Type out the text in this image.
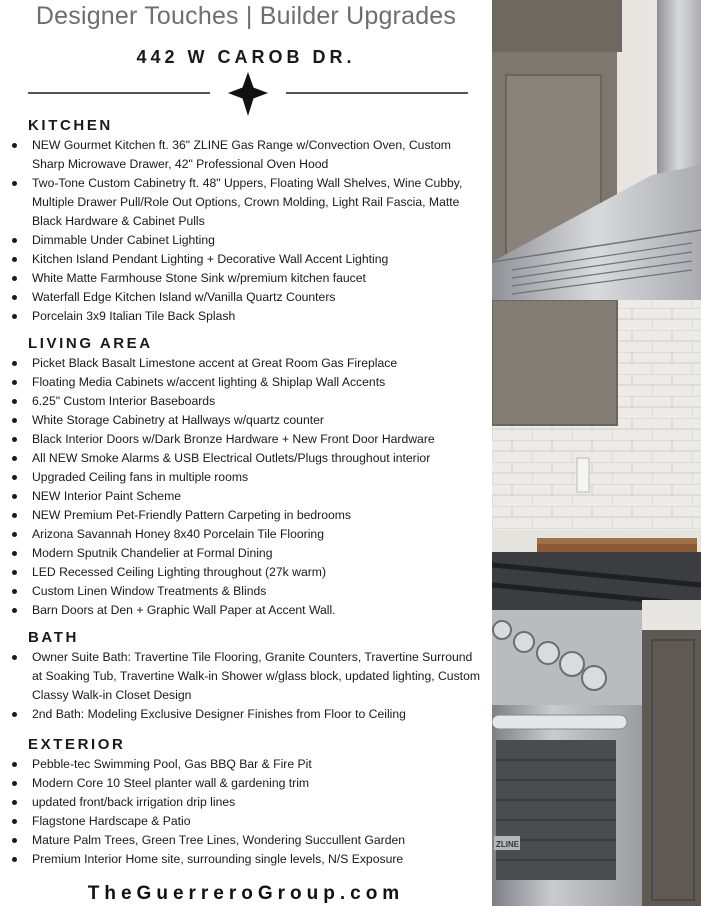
Designer Touches | Builder Upgrades
442 W CAROB DR.
KITCHEN
NEW Gourmet Kitchen ft. 36" ZLINE Gas Range w/Convection Oven, Custom Sharp Microwave Drawer, 42" Professional Oven Hood
Two-Tone Custom Cabinetry ft. 48" Uppers, Floating Wall Shelves, Wine Cubby, Multiple Drawer Pull/Role Out Options, Crown Molding, Light Rail Fascia, Matte Black Hardware & Cabinet Pulls
Dimmable Under Cabinet Lighting
Kitchen Island Pendant Lighting + Decorative Wall Accent Lighting
White Matte Farmhouse Stone Sink w/premium kitchen faucet
Waterfall Edge Kitchen Island w/Vanilla Quartz Counters
Porcelain 3x9 Italian Tile Back Splash
LIVING AREA
Picket Black Basalt Limestone accent at Great Room Gas Fireplace
Floating Media Cabinets w/accent lighting & Shiplap Wall Accents
6.25" Custom Interior Baseboards
White Storage Cabinetry at Hallways w/quartz counter
Black Interior Doors w/Dark Bronze Hardware + New Front Door Hardware
All NEW Smoke Alarms & USB Electrical Outlets/Plugs throughout interior
Upgraded Ceiling fans in multiple rooms
NEW Interior Paint Scheme
NEW Premium Pet-Friendly Pattern Carpeting in bedrooms
Arizona Savannah Honey 8x40 Porcelain Tile Flooring
Modern Sputnik Chandelier at Formal Dining
LED Recessed Ceiling Lighting throughout (27k warm)
Custom Linen Window Treatments & Blinds
Barn Doors at Den + Graphic Wall Paper at Accent Wall.
BATH
Owner Suite Bath: Travertine Tile Flooring, Granite Counters, Travertine Surround at Soaking Tub, Travertine Walk-in Shower w/glass block, updated lighting, Custom Classy Walk-in Closet Design
2nd Bath: Modeling Exclusive Designer Finishes from Floor to Ceiling
EXTERIOR
Pebble-tec Swimming Pool, Gas BBQ Bar & Fire Pit
Modern Core 10 Steel planter wall & gardening trim
updated front/back irrigation drip lines
Flagstone Hardscape & Patio
Mature Palm Trees, Green Tree Lines, Wondering Succullent Garden
Premium Interior Home site, surrounding single levels, N/S Exposure
TheGuerreroGroup.com
ZLINE
